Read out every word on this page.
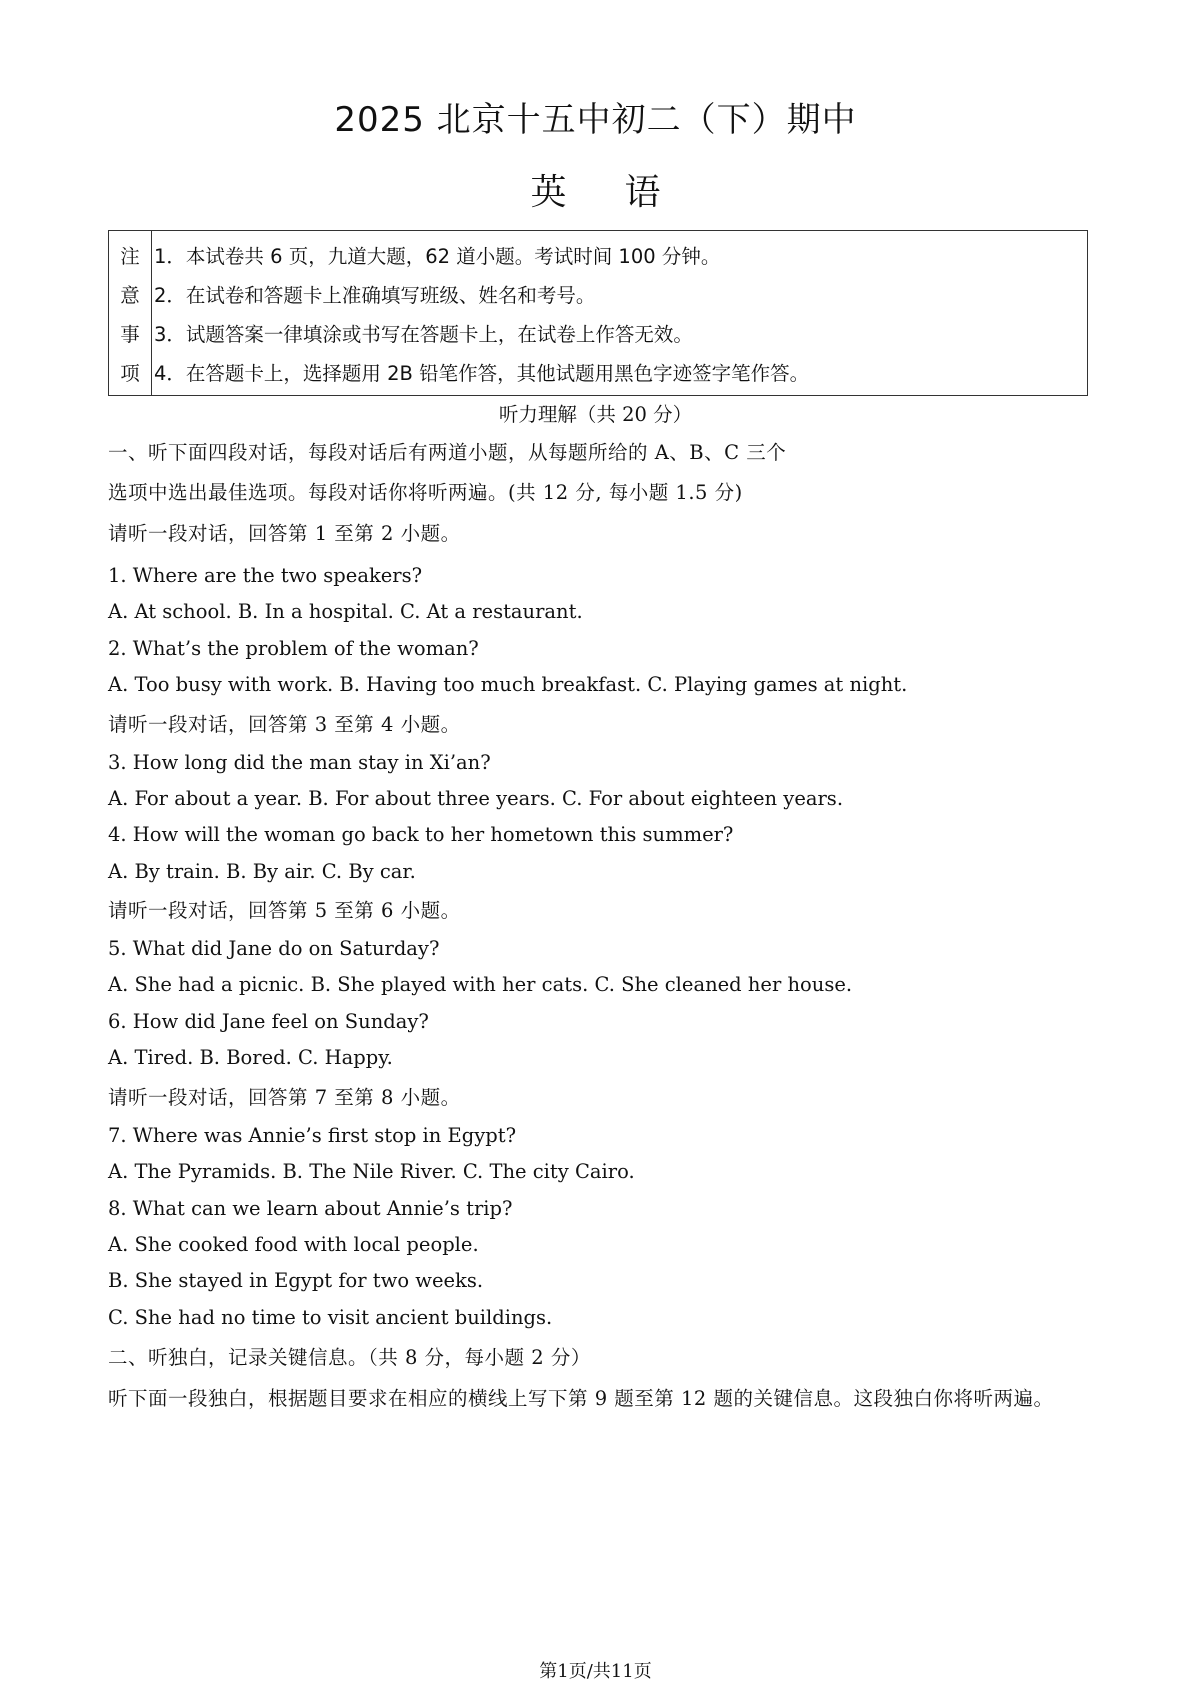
2025 北京十五中初二（下）期中
英语
注
意
事
项
1．本试卷共 6 页，九道大题，62 道小题。考试时间 100 分钟。
2．在试卷和答题卡上准确填写班级、姓名和考号。
3．试题答案一律填涂或书写在答题卡上，在试卷上作答无效。
4．在答题卡上，选择题用 2B 铅笔作答，其他试题用黑色字迹签字笔作答。
听力理解（共 20 分）
一、听下面四段对话，每段对话后有两道小题，从每题所给的 A、B、C 三个
选项中选出最佳选项。每段对话你将听两遍。(共 12 分, 每小题 1.5 分)
请听一段对话，回答第 1 至第 2 小题。
1. Where are the two speakers?
A. At school. B. In a hospital. C. At a restaurant.
2. What’s the problem of the woman?
A. Too busy with work. B. Having too much breakfast. C. Playing games at night.
请听一段对话，回答第 3 至第 4 小题。
3. How long did the man stay in Xi’an?
A. For about a year. B. For about three years. C. For about eighteen years.
4. How will the woman go back to her hometown this summer?
A. By train. B. By air. C. By car.
请听一段对话，回答第 5 至第 6 小题。
5. What did Jane do on Saturday?
A. She had a picnic. B. She played with her cats. C. She cleaned her house.
6. How did Jane feel on Sunday?
A. Tired. B. Bored. C. Happy.
请听一段对话，回答第 7 至第 8 小题。
7. Where was Annie’s first stop in Egypt?
A. The Pyramids. B. The Nile River. C. The city Cairo.
8. What can we learn about Annie’s trip?
A. She cooked food with local people.
B. She stayed in Egypt for two weeks.
C. She had no time to visit ancient buildings.
二、听独白，记录关键信息。（共 8 分，每小题 2 分）
听下面一段独白，根据题目要求在相应的横线上写下第 9 题至第 12 题的关键信息。这段独白你将听两遍。
第1页/共11页
